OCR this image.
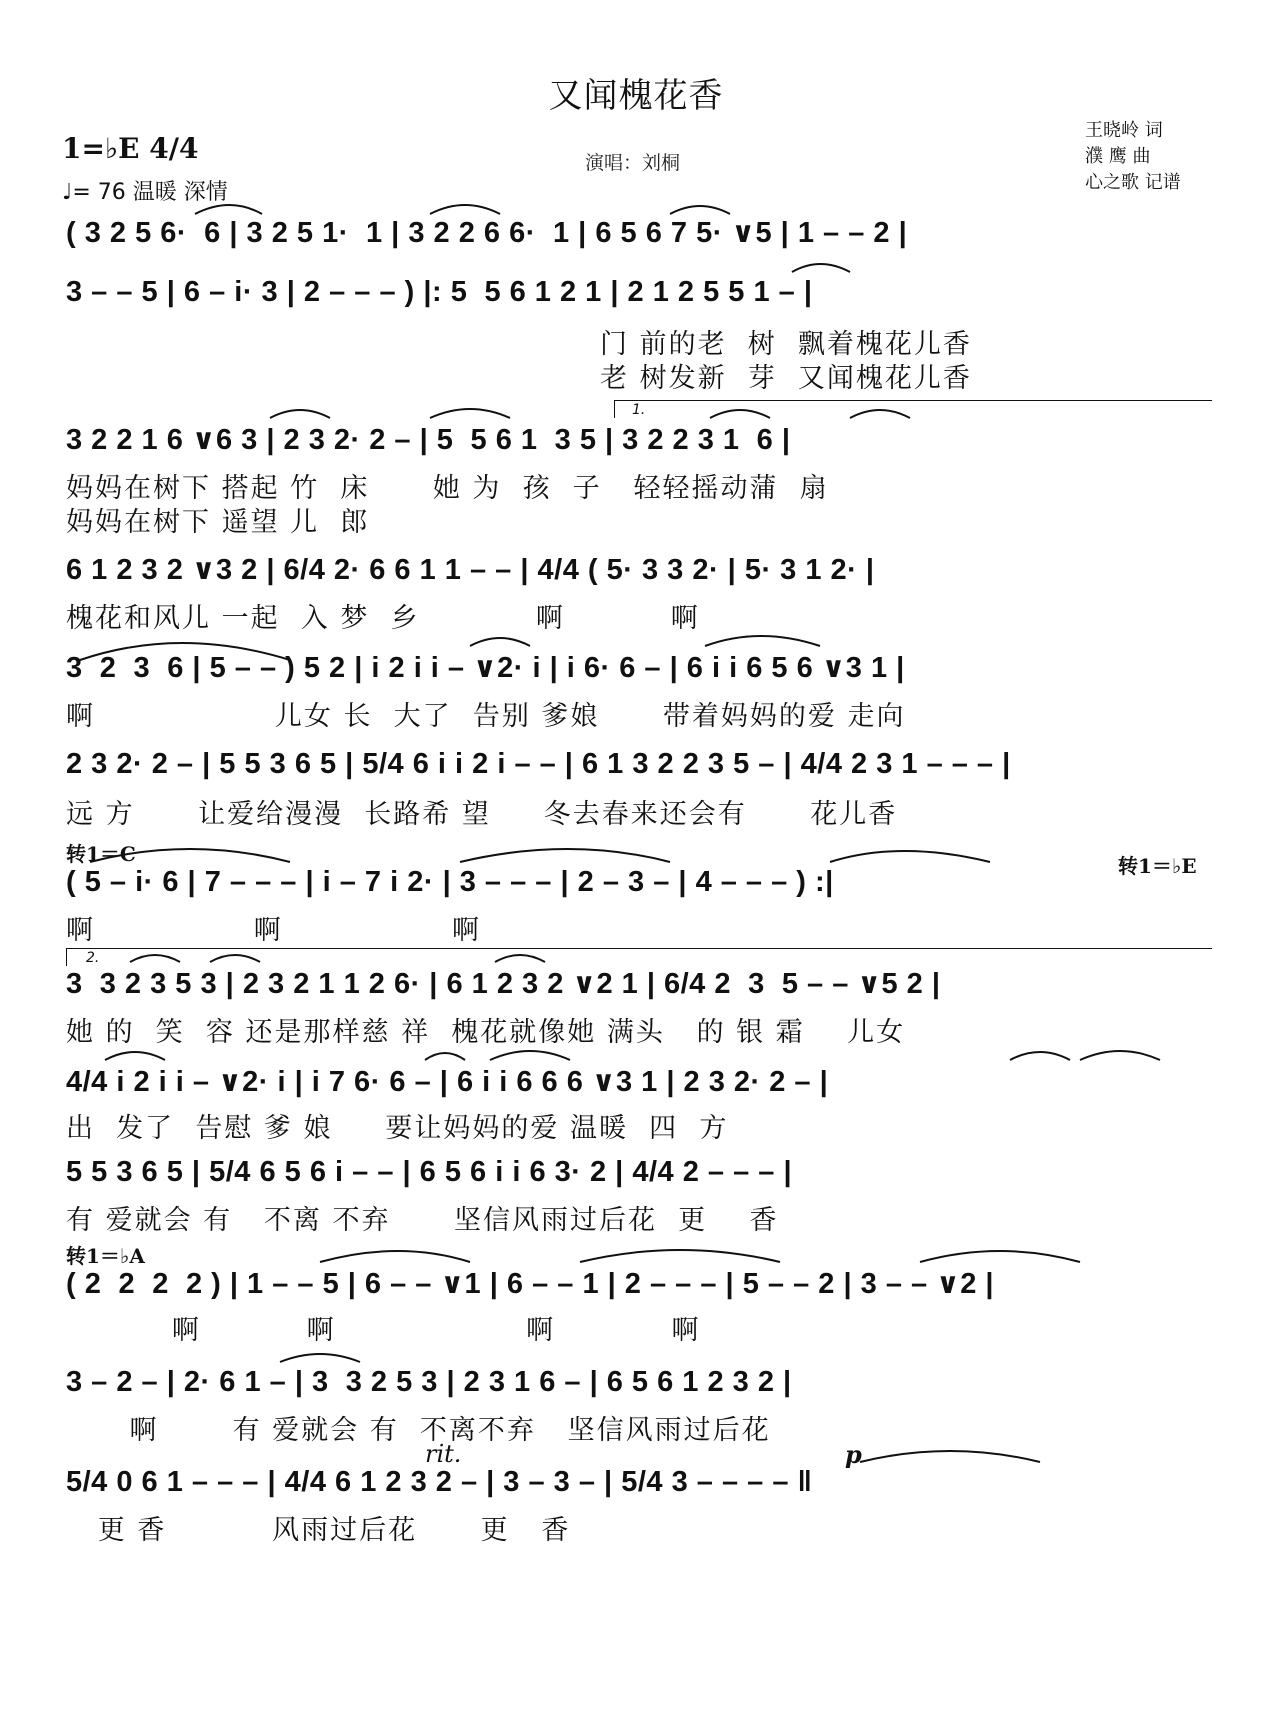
又闻槐花香
1=♭E 4/4
♩= 76 温暖 深情
演唱：刘桐
王晓岭 词
濮 鹰 曲
心之歌 记谱
( 3 2 5 6·  6 | 3 2 5 1·  1 | 3 2 2 6 6·  1 | 6 5 6 7 5· ∨5 | 1 – – 2 |
3 – – 5 | 6 – i· 3 | 2 – – – ) |: 5  5 6 1 2 1 | 2 1 2 5 5 1 – |
门 前的老  树  飘着槐花儿香
老 树发新  芽  又闻槐花儿香
1.
3 2 2 1 6 ∨6 3 | 2 3 2· 2 – | 5  5 6 1  3 5 | 3 2 2 3 1  6 |
妈妈在树下 搭起 竹  床      她 为  孩  子   轻轻摇动蒲  扇
妈妈在树下 遥望 儿  郎
6 1 2 3 2 ∨3 2 | 6/4 2· 6 6 1 1 – – | 4/4 ( 5· 3 3 2· | 5· 3 1 2· |
槐花和风儿 一起  入 梦  乡           啊          啊
3  2  3  6 | 5 – – ) 5 2 | i 2 i i – ∨2· i | i 6· 6 – | 6 i i 6 5 6 ∨3 1 |
啊                 儿女 长  大了  告别 爹娘      带着妈妈的爱 走向
2 3 2· 2 – | 5 5 3 6 5 | 5/4 6 i i 2 i – – | 6 1 3 2 2 3 5 – | 4/4 2 3 1 – – – |
远 方      让爱给漫漫  长路希 望     冬去春来还会有      花儿香
转1＝C	转1＝♭E
( 5 – i· 6 | 7 – – – | i – 7 i 2· | 3 – – – | 2 – 3 – | 4 – – – ) :|
啊               啊                啊
2.
3  3 2 3 5 3 | 2 3 2 1 1 2 6· | 6 1 2 3 2 ∨2 1 | 6/4 2  3  5 – – ∨5 2 |
她 的  笑  容 还是那样慈 祥  槐花就像她 满头   的 银 霜    儿女
4/4 i 2 i i – ∨2· i | i 7 6· 6 – | 6 i i 6 6 6 ∨3 1 | 2 3 2· 2 – |
出  发了  告慰 爹 娘     要让妈妈的爱 温暖  四  方
5 5 3 6 5 | 5/4 6 5 6 i – – | 6 5 6 i i 6 3· 2 | 4/4 2 – – – |
有 爱就会 有   不离 不弃      坚信风雨过后花  更    香
转1＝♭A
( 2  2  2  2 ) | 1 – – 5 | 6 – – ∨1 | 6 – – 1 | 2 – – – | 5 – – 2 | 3 – – ∨2 |
啊          啊                  啊           啊
3 – 2 – | 2· 6 1 – | 3  3 2 5 3 | 2 3 1 6 – | 6 5 6 1 2 3 2 |
啊       有 爱就会 有  不离不弃   坚信风雨过后花
rit.	p
5/4 0 6 1 – – – | 4/4 6 1 2 3 2 – | 3 – 3 – | 5/4 3 – – – – ‖
更 香          风雨过后花      更   香
